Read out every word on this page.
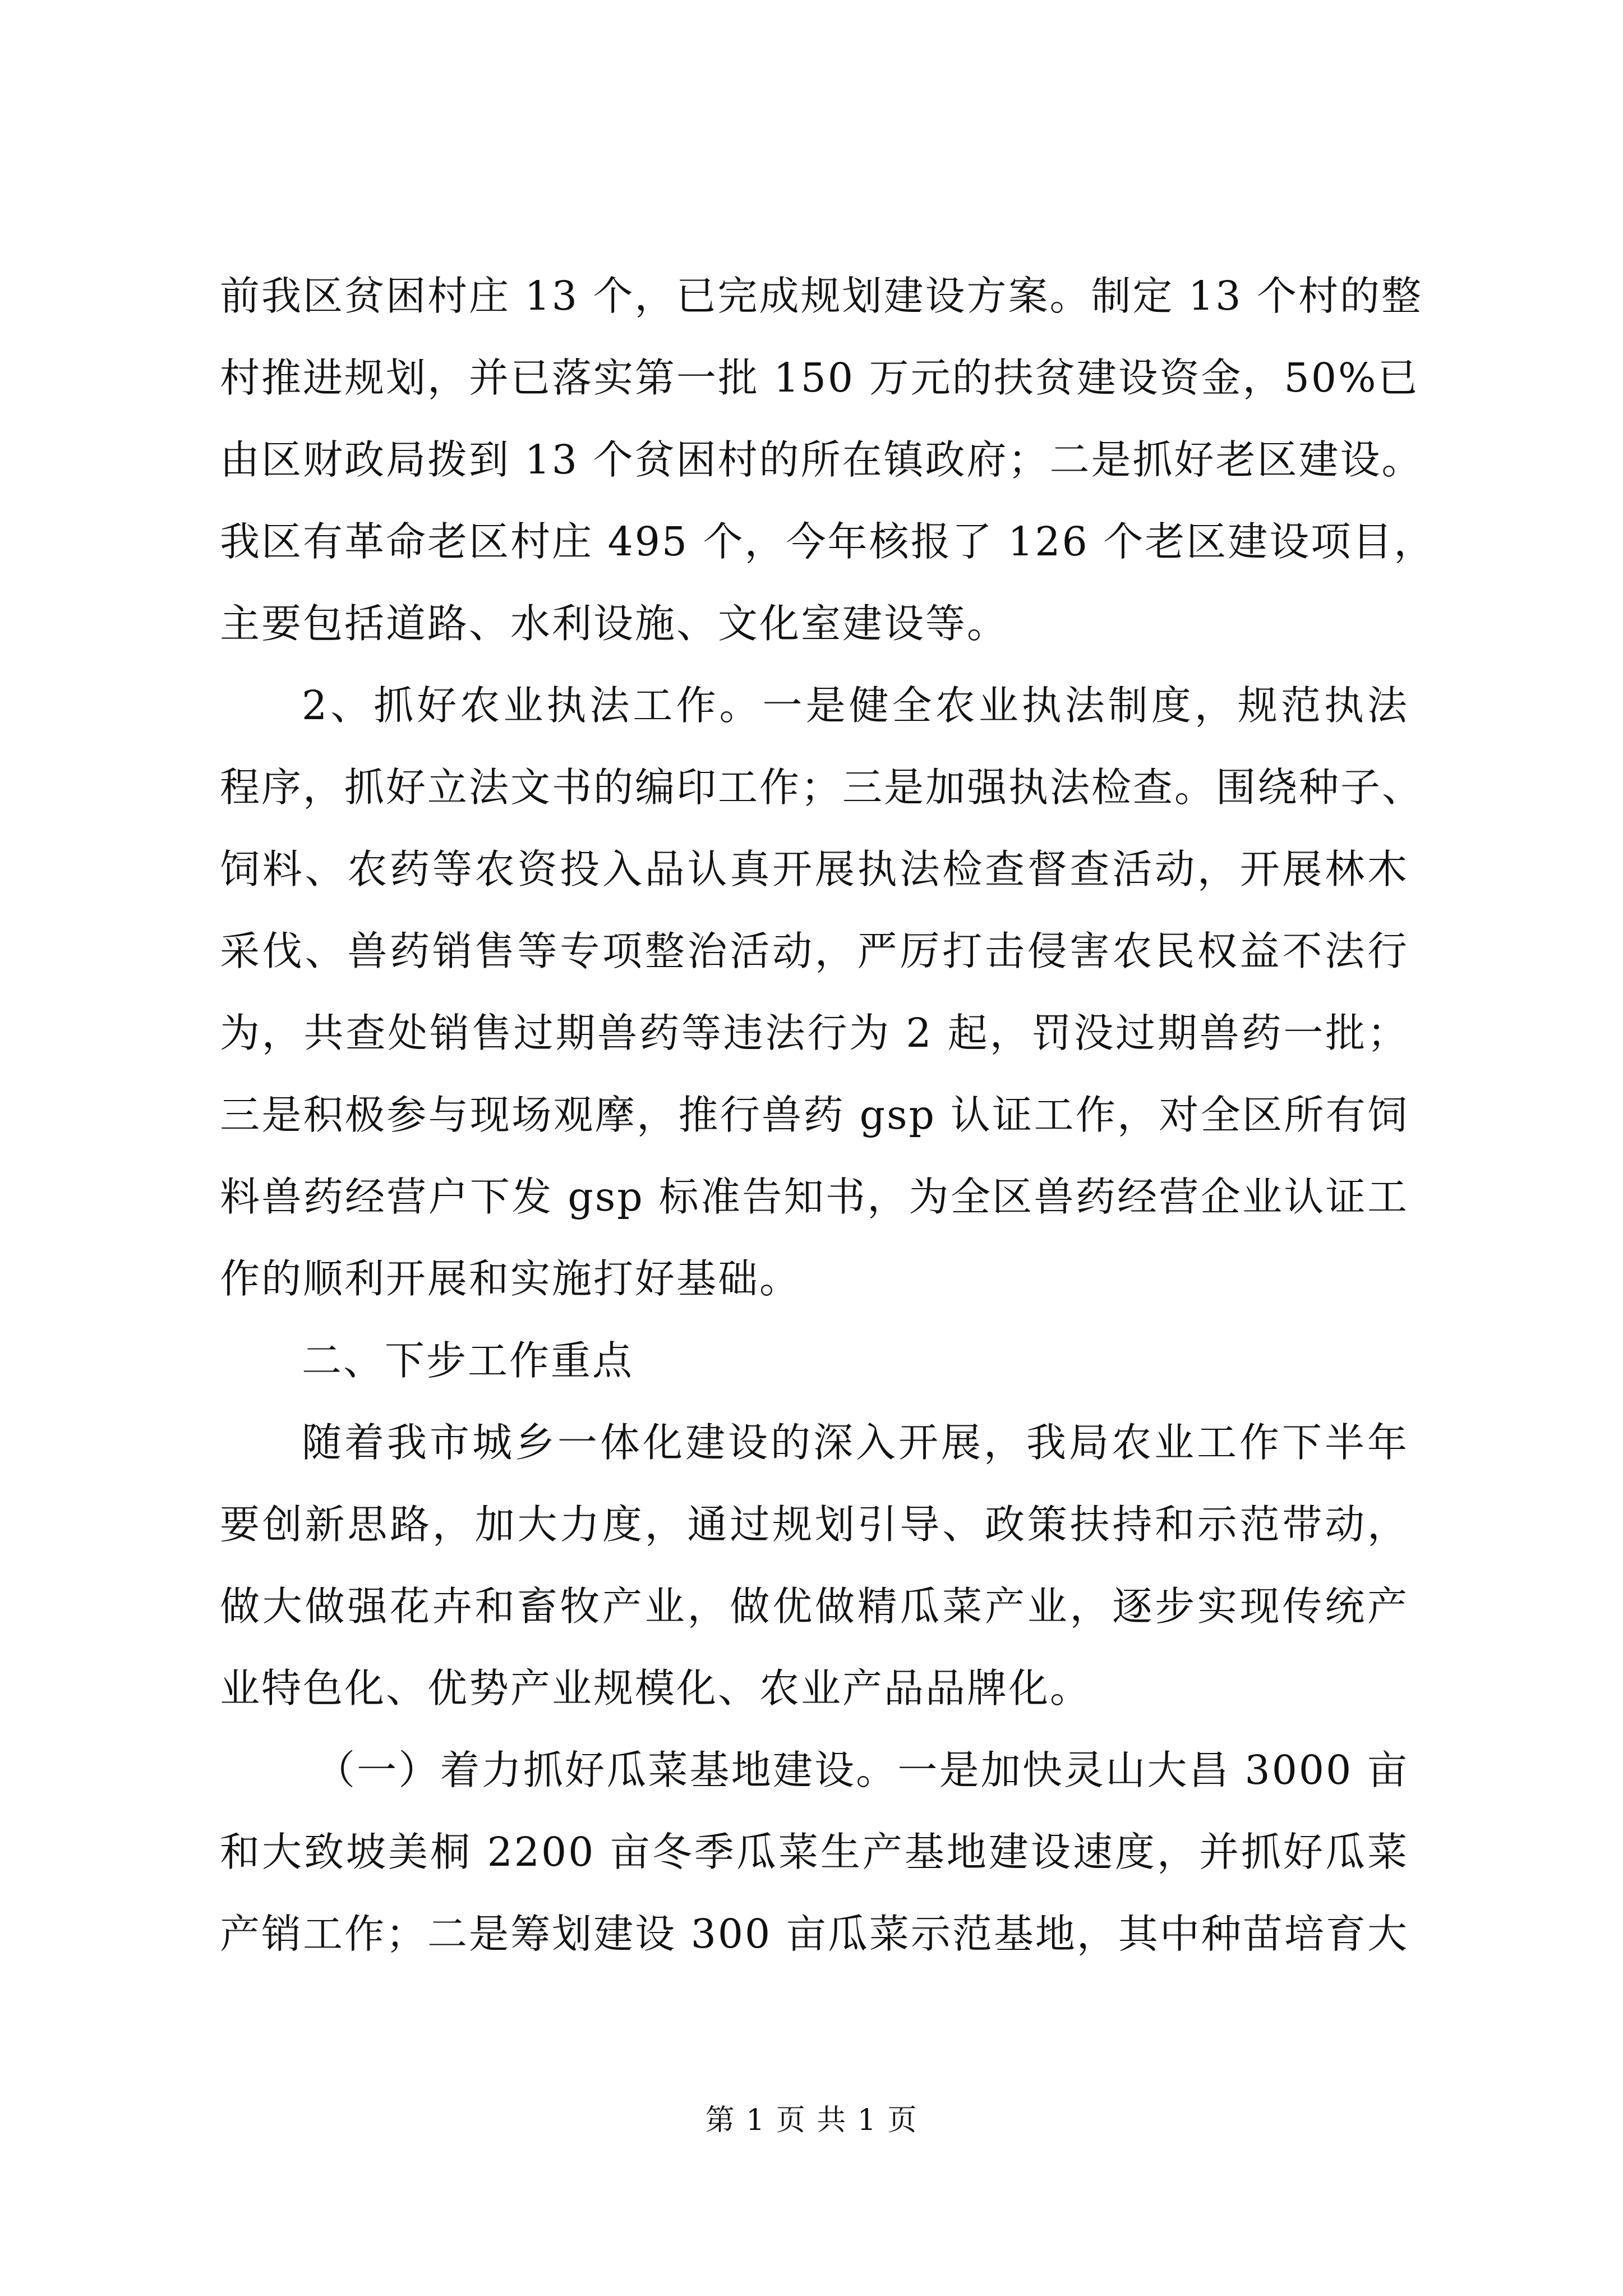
前我区贫困村庄 13 个，已完成规划建设方案。制定 13 个村的整
村推进规划，并已落实第一批 150 万元的扶贫建设资金，50%已
由区财政局拨到 13 个贫困村的所在镇政府；二是抓好老区建设。
我区有革命老区村庄 495 个，今年核报了 126 个老区建设项目，
主要包括道路、水利设施、文化室建设等。
2、抓好农业执法工作。一是健全农业执法制度，规范执法
程序，抓好立法文书的编印工作；三是加强执法检查。围绕种子、
饲料、农药等农资投入品认真开展执法检查督查活动，开展林木
采伐、兽药销售等专项整治活动，严厉打击侵害农民权益不法行
为，共查处销售过期兽药等违法行为 2 起，罚没过期兽药一批；
三是积极参与现场观摩，推行兽药 gsp 认证工作，对全区所有饲
料兽药经营户下发 gsp 标准告知书，为全区兽药经营企业认证工
作的顺利开展和实施打好基础。
二、下步工作重点
随着我市城乡一体化建设的深入开展，我局农业工作下半年
要创新思路，加大力度，通过规划引导、政策扶持和示范带动，
做大做强花卉和畜牧产业，做优做精瓜菜产业，逐步实现传统产
业特色化、优势产业规模化、农业产品品牌化。
（一）着力抓好瓜菜基地建设。一是加快灵山大昌 3000 亩
和大致坡美桐 2200 亩冬季瓜菜生产基地建设速度，并抓好瓜菜
产销工作；二是筹划建设 300 亩瓜菜示范基地，其中种苗培育大
第 1 页 共 1 页
